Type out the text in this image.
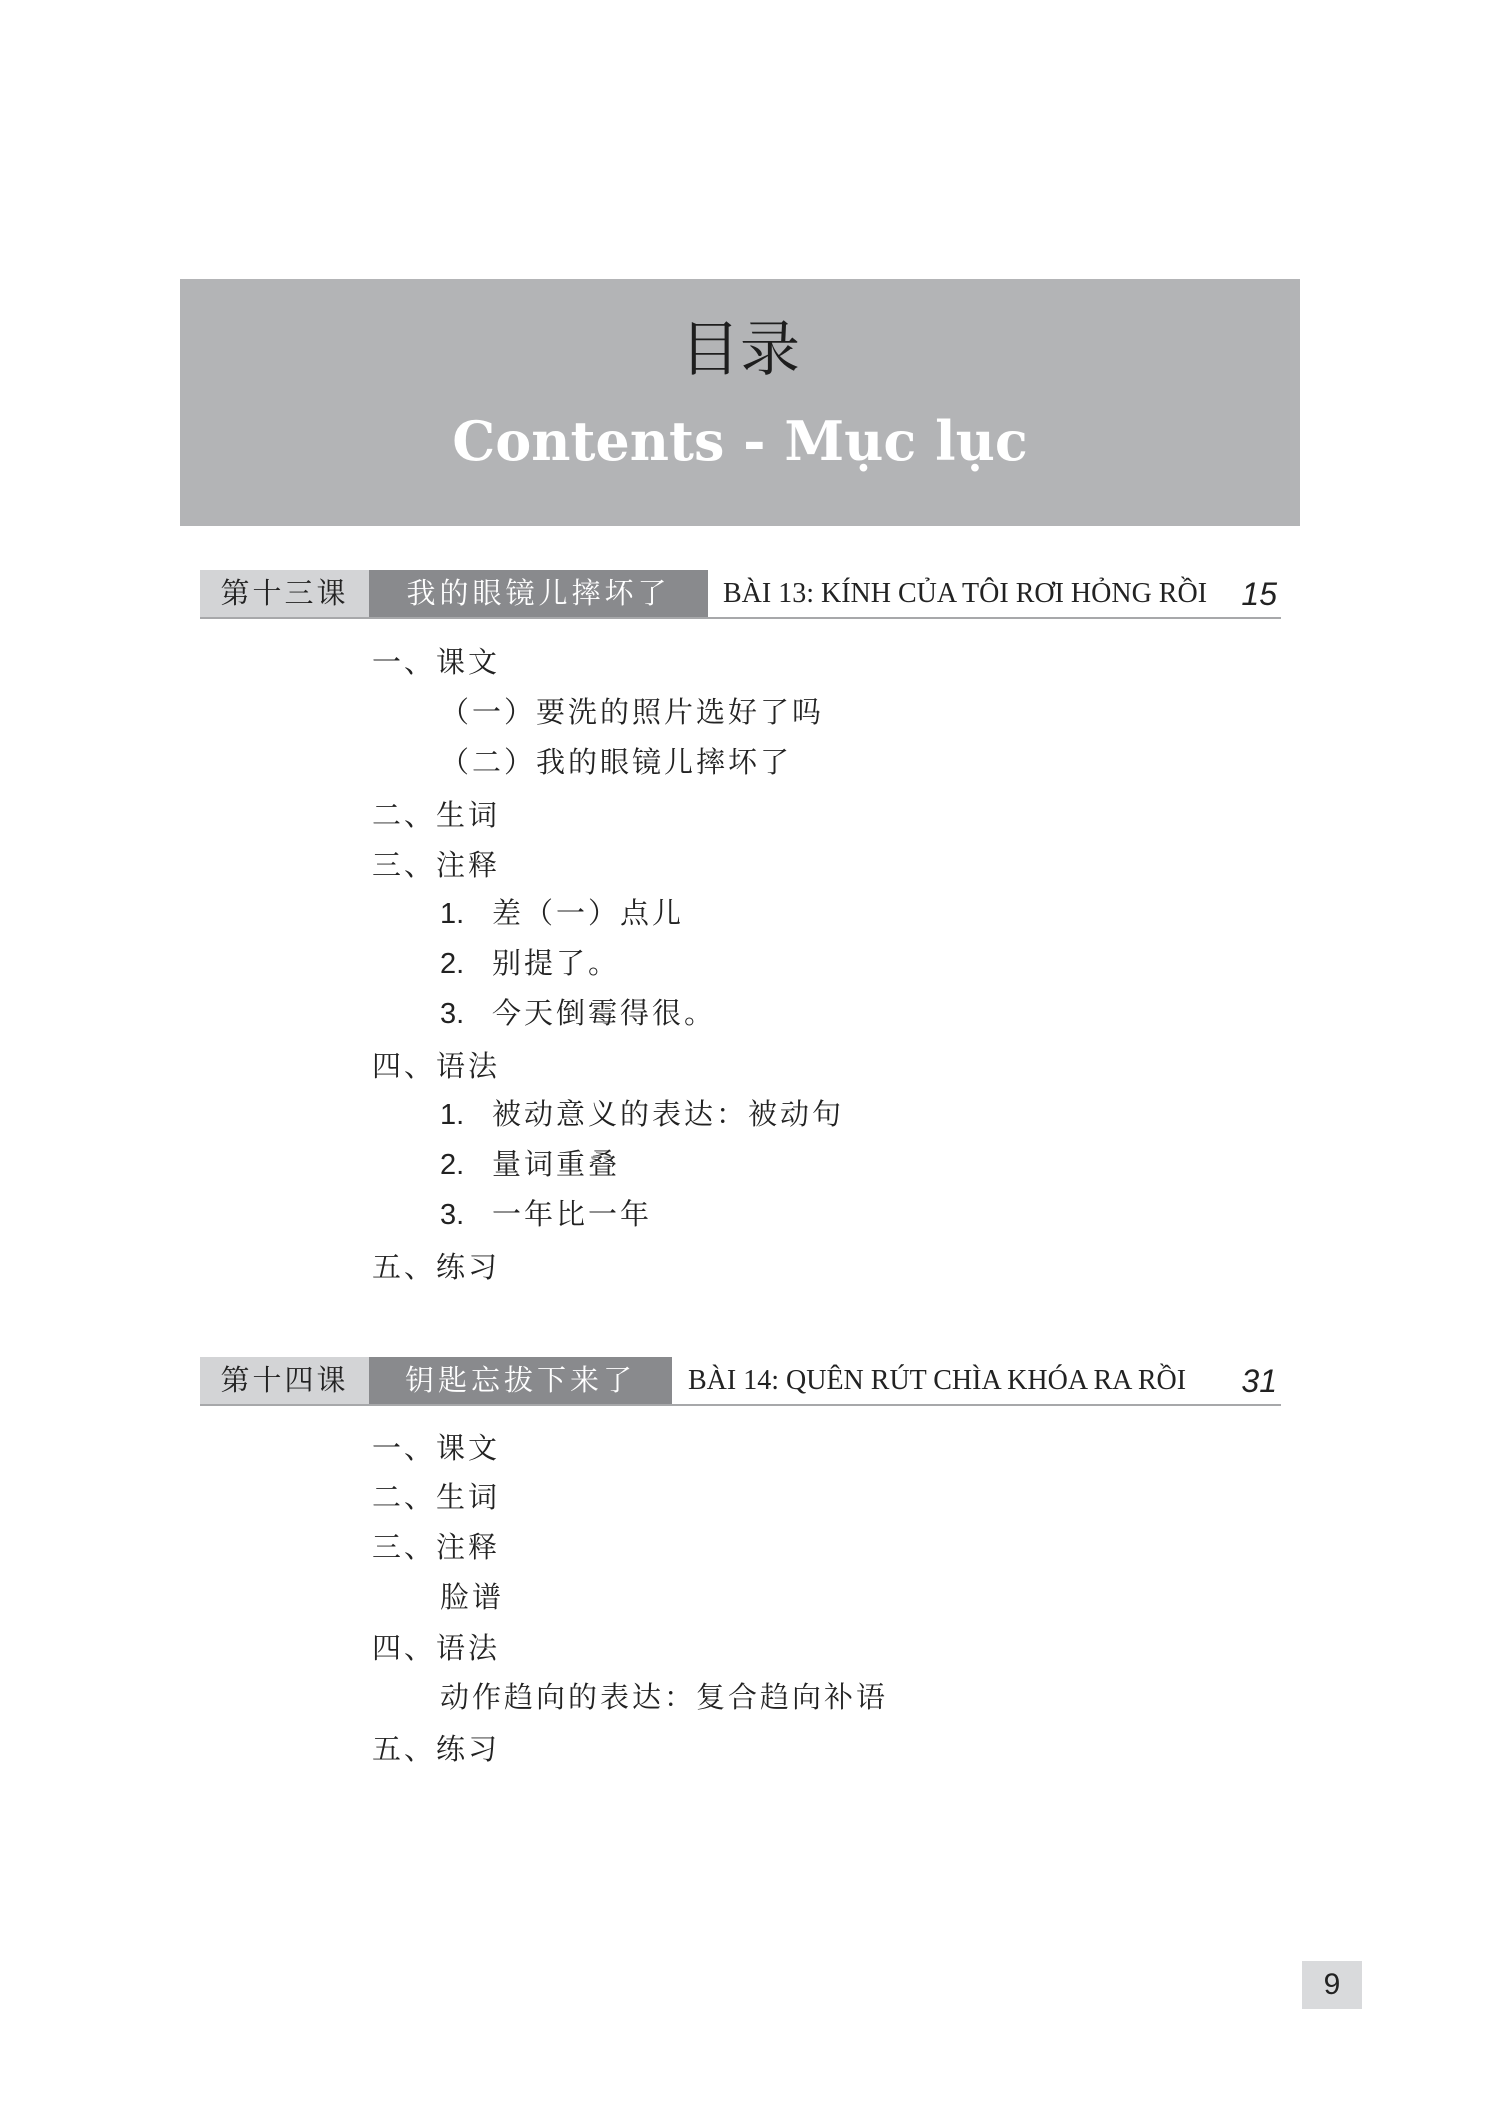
目录
Contents - Mục lục
第十三课	我的眼镜儿摔坏了	BÀI 13: KÍNH CỦA TÔI RƠI HỎNG RỒI 15
一、课文
（一）要洗的照片选好了吗
（二）我的眼镜儿摔坏了
二、生词
三、注释
1. 差（一）点儿
2. 别提了。
3. 今天倒霉得很。
四、语法
1. 被动意义的表达：被动句
2. 量词重叠
3. 一年比一年
五、练习
第十四课	钥匙忘拔下来了	BÀI 14: QUÊN RÚT CHÌA KHÓA RA RỒI 31
一、课文
二、生词
三、注释
脸谱
四、语法
动作趋向的表达：复合趋向补语
五、练习
9
